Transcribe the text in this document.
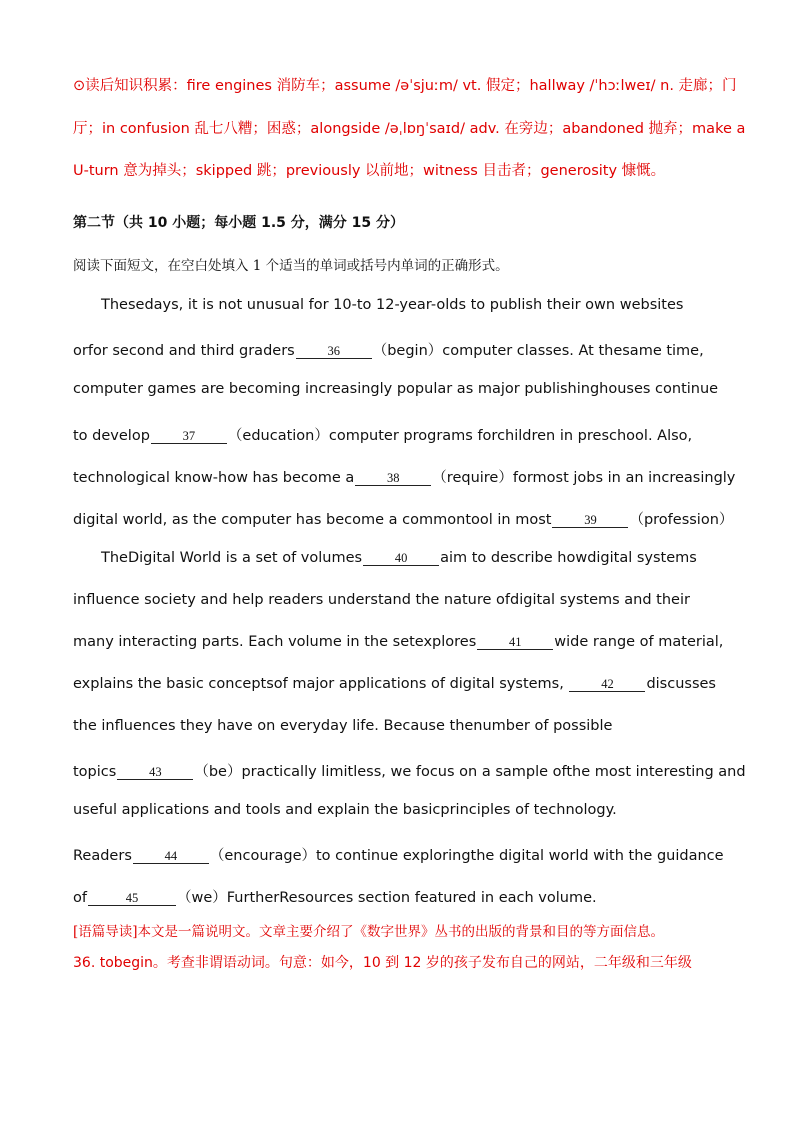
⊙读后知识积累：fire engines 消防车；assume /əˈsjuːm/ vt. 假定；hallway /ˈhɔːlweɪ/ n. 走廊；门
厅；in confusion 乱七八糟；困惑；alongside /əˌlɒŋˈsaɪd/ adv. 在旁边；abandoned 抛弃；make a
U-turn 意为掉头；skipped 跳；previously 以前地；witness 目击者；generosity 慷慨。
第二节（共 10 小题；每小题 1.5 分，满分 15 分）
阅读下面短文，在空白处填入 1 个适当的单词或括号内单词的正确形式。
Thesedays, it is not unusual for 10-to 12-year-olds to publish their own websites
orfor second and third graders	36 （begin）computer classes. At thesame time,
computer games are becoming increasingly popular as major publishinghouses continue
to develop	37 （education）computer programs forchildren in preschool. Also,
technological know-how has become a	38 （require）formost jobs in an increasingly
digital world, as the computer has become a commontool in most	39 （profession）
TheDigital World is a set of volumes	40 aim to describe howdigital systems
influence society and help readers understand the nature ofdigital systems and their
many interacting parts. Each volume in the setexplores	41 wide range of material,
explains the basic conceptsof major applications of digital systems,	42 discusses
the influences they have on everyday life. Because thenumber of possible
topics	43 （be）practically limitless, we focus on a sample ofthe most interesting and
useful applications and tools and explain the basicprinciples of technology.
Readers	44 （encourage）to continue exploringthe digital world with the guidance
of	45	（we）FurtherResources section featured in each volume.
[语篇导读]本文是一篇说明文。文章主要介绍了《数字世界》丛书的出版的背景和目的等方面信息。
36. tobegin。考查非谓语动词。句意：如今，10 到 12 岁的孩子发布自己的网站，二年级和三年级
